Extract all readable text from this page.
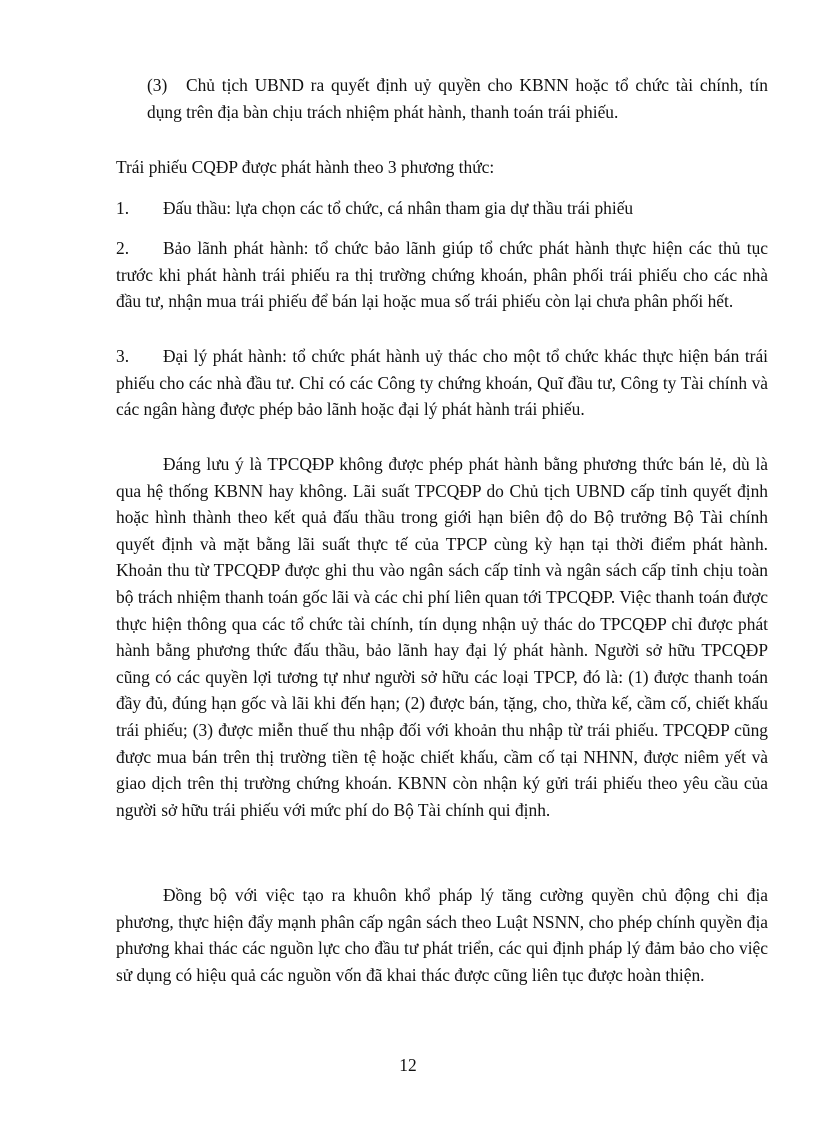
(3) Chủ tịch UBND ra quyết định uỷ quyền cho KBNN hoặc tổ chức tài chính, tín dụng trên địa bàn chịu trách nhiệm phát hành, thanh toán trái phiếu.

Trái phiếu CQĐP được phát hành theo 3 phương thức:

1. Đấu thầu: lựa chọn các tổ chức, cá nhân tham gia dự thầu trái phiếu

2. Bảo lãnh phát hành: tổ chức bảo lãnh giúp tổ chức phát hành thực hiện các thủ tục trước khi phát hành trái phiếu ra thị trường chứng khoán, phân phối trái phiếu cho các nhà đầu tư, nhận mua trái phiếu để bán lại hoặc mua số trái phiếu còn lại chưa phân phối hết.

3. Đại lý phát hành: tổ chức phát hành uỷ thác cho một tổ chức khác thực hiện bán trái phiếu cho các nhà đầu tư. Chỉ có các Công ty chứng khoán, Quĩ đầu tư, Công ty Tài chính và các ngân hàng được phép bảo lãnh hoặc đại lý phát hành trái phiếu.

Đáng lưu ý là TPCQĐP không được phép phát hành bằng phương thức bán lẻ, dù là qua hệ thống KBNN hay không. Lãi suất TPCQĐP do Chủ tịch UBND cấp tỉnh quyết định hoặc hình thành theo kết quả đấu thầu trong giới hạn biên độ do Bộ trưởng Bộ Tài chính quyết định và mặt bằng lãi suất thực tế của TPCP cùng kỳ hạn tại thời điểm phát hành. Khoản thu từ TPCQĐP được ghi thu vào ngân sách cấp tỉnh và ngân sách cấp tỉnh chịu toàn bộ trách nhiệm thanh toán gốc lãi và các chi phí liên quan tới TPCQĐP. Việc thanh toán được thực hiện thông qua các tổ chức tài chính, tín dụng nhận uỷ thác do TPCQĐP chỉ được phát hành bằng phương thức đấu thầu, bảo lãnh hay đại lý phát hành. Người sở hữu TPCQĐP cũng có các quyền lợi tương tự như người sở hữu các loại TPCP, đó là: (1) được thanh toán đầy đủ, đúng hạn gốc và lãi khi đến hạn; (2) được bán, tặng, cho, thừa kế, cầm cố, chiết khấu trái phiếu; (3) được miễn thuế thu nhập đối với khoản thu nhập từ trái phiếu. TPCQĐP cũng được mua bán trên thị trường tiền tệ hoặc chiết khấu, cầm cố tại NHNN, được niêm yết và giao dịch trên thị trường chứng khoán. KBNN còn nhận ký gửi trái phiếu theo yêu cầu của người sở hữu trái phiếu với mức phí do Bộ Tài chính qui định.

Đồng bộ với việc tạo ra khuôn khổ pháp lý tăng cường quyền chủ động chi địa phương, thực hiện đẩy mạnh phân cấp ngân sách theo Luật NSNN, cho phép chính quyền địa phương khai thác các nguồn lực cho đầu tư phát triển, các qui định pháp lý đảm bảo cho việc sử dụng có hiệu quả các nguồn vốn đã khai thác được cũng liên tục được hoàn thiện.

12
